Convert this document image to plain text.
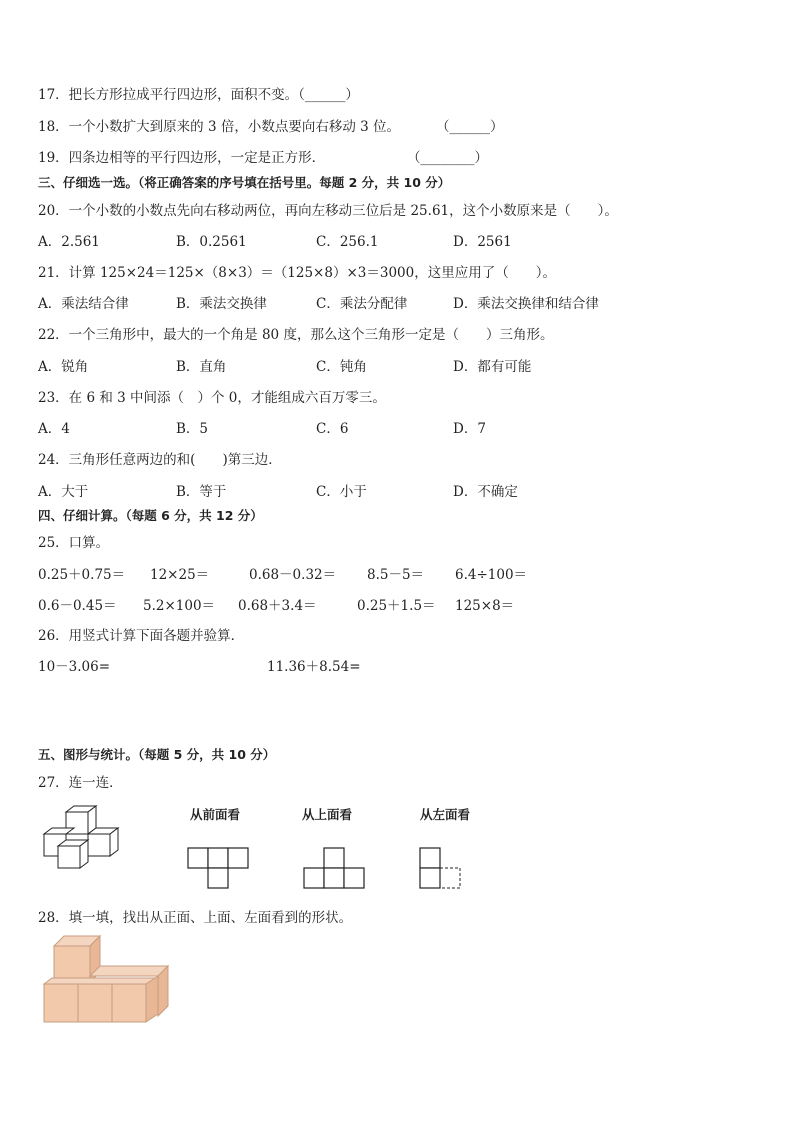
17．把长方形拉成平行四边形，面积不变。（______）
18．一个小数扩大到原来的 3 倍，小数点要向右移动 3 位。	（______）
19．四条边相等的平行四边形，一定是正方形．	（________）
三、仔细选一选。（将正确答案的序号填在括号里。每题 2 分，共 10 分）
20．一个小数的小数点先向右移动两位，再向左移动三位后是 25.61，这个小数原来是（　　）。
A．2.561	B．0.2561	C．256.1	D．2561
21．计算 125×24＝125×（8×3）＝（125×8）×3＝3000，这里应用了（　　）。
A．乘法结合律	B．乘法交换律	C．乘法分配律	D．乘法交换律和结合律
22．一个三角形中，最大的一个角是 80 度，那么这个三角形一定是（　　）三角形。
A．锐角	B．直角	C．钝角	D．都有可能
23．在 6 和 3 中间添（　）个 0，才能组成六百万零三。
A．4	B．5	C．6	D．7
24．三角形任意两边的和(　　)第三边．
A．大于	B．等于	C．小于	D．不确定
四、仔细计算。（每题 6 分，共 12 分）
25．口算。
0.25＋0.75＝ 12×25＝	0.68－0.32＝ 8.5－5＝ 6.4÷100＝
0.6－0.45＝ 5.2×100＝ 0.68＋3.4＝	0.25＋1.5＝ 125×8＝
26．用竖式计算下面各题并验算．
10－3.06=	11.36＋8.54=
五、图形与统计。（每题 5 分，共 10 分）
27．连一连．
从前面看	从上面看	从左面看
28．填一填，找出从正面、上面、左面看到的形状。
